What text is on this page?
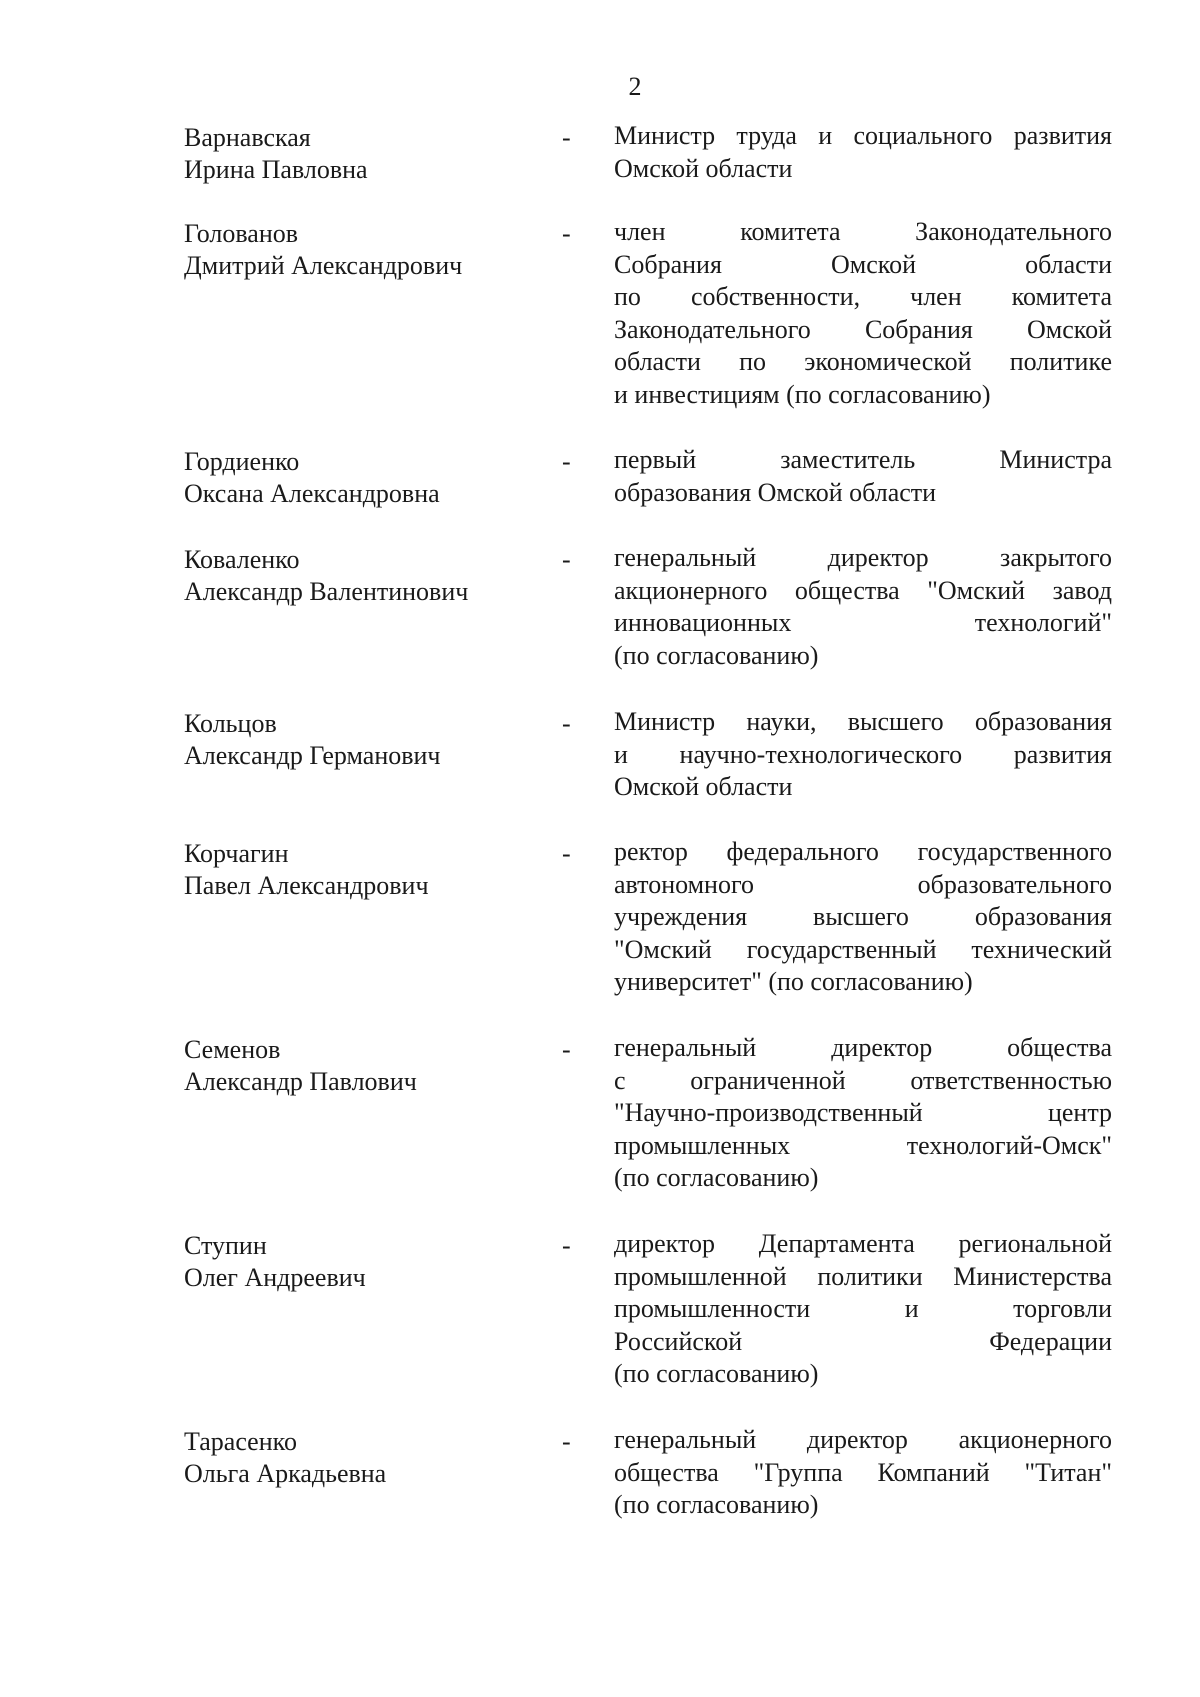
2
Варнавская
Ирина Павловна
- Министр труда и социального развития
Омской области
Голованов
Дмитрий Александрович
- член комитета Законодательного
Собрания Омской области
по собственности, член комитета
Законодательного Собрания Омской
области по экономической политике
и инвестициям (по согласованию)
Гордиенко
Оксана Александровна
- первый заместитель Министра
образования Омской области
Коваленко
Александр Валентинович
- генеральный директор закрытого
акционерного общества "Омский завод
инновационных технологий"
(по согласованию)
Кольцов
Александр Германович
- Министр науки, высшего образования
и научно-технологического развития
Омской области
Корчагин
Павел Александрович
- ректор федерального государственного
автономного образовательного
учреждения высшего образования
"Омский государственный технический
университет" (по согласованию)
Семенов
Александр Павлович
- генеральный директор общества
с ограниченной ответственностью
"Научно-производственный центр
промышленных технологий-Омск"
(по согласованию)
Ступин
Олег Андреевич
- директор Департамента региональной
промышленной политики Министерства
промышленности и торговли
Российской Федерации
(по согласованию)
Тарасенко
Ольга Аркадьевна
- генеральный директор акционерного
общества "Группа Компаний "Титан"
(по согласованию)
